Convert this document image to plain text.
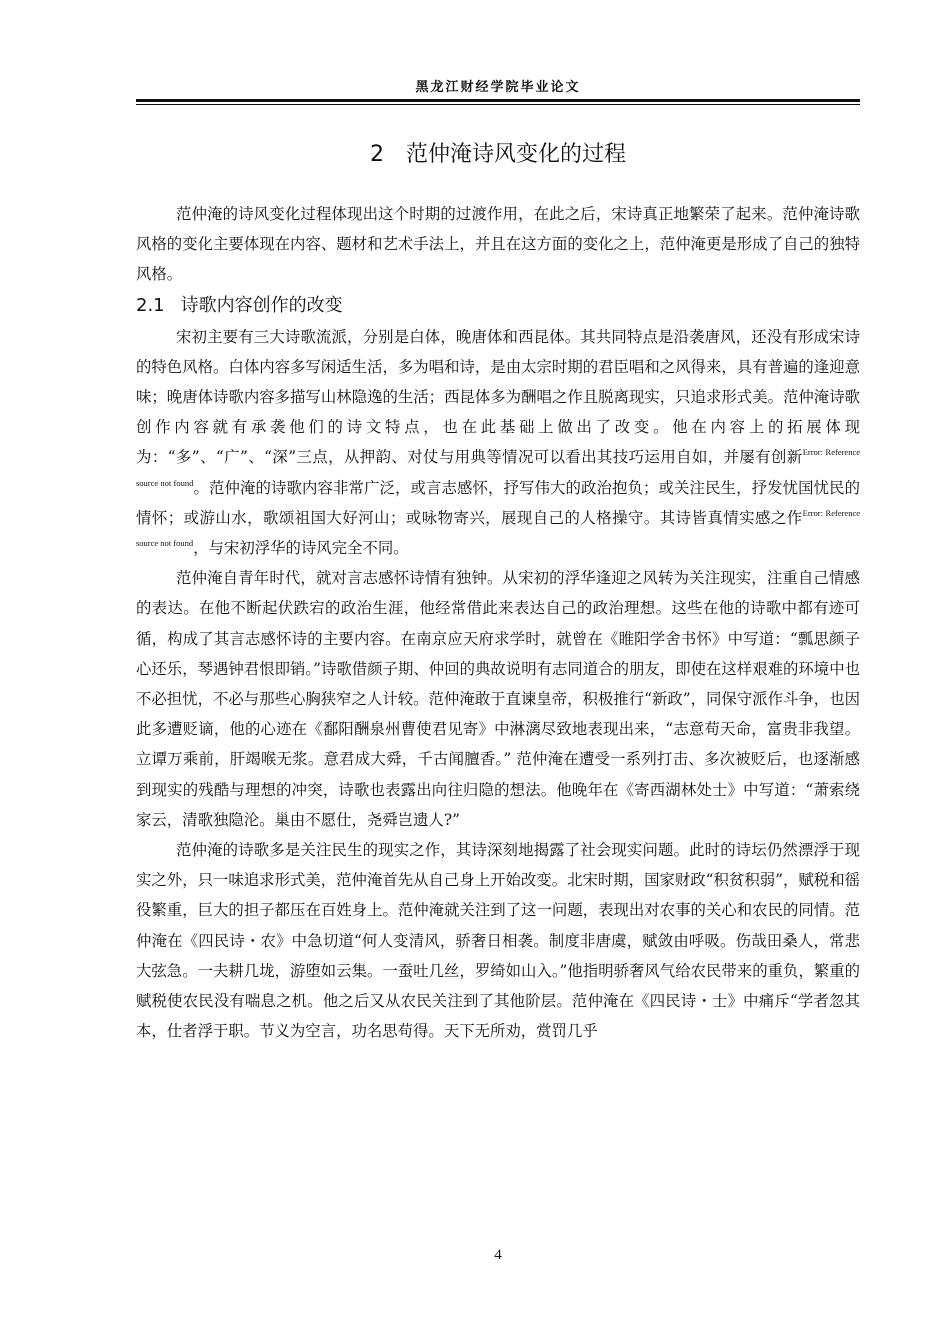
黑龙江财经学院毕业论文
2 范仲淹诗风变化的过程

范仲淹的诗风变化过程体现出这个时期的过渡作用，在此之后，宋诗真正地繁荣了起来。范仲淹诗歌风格的变化主要体现在内容、题材和艺术手法上，并且在这方面的变化之上，范仲淹更是形成了自己的独特风格。

2.1 诗歌内容创作的改变

宋初主要有三大诗歌流派，分别是白体，晚唐体和西昆体。其共同特点是沿袭唐风，还没有形成宋诗的特色风格。白体内容多写闲适生活，多为唱和诗，是由太宗时期的君臣唱和之风得来，具有普遍的逢迎意味；晚唐体诗歌内容多描写山林隐逸的生活；西昆体多为酬唱之作且脱离现实，只追求形式美。范仲淹诗歌创作内容就有承袭他们的诗文特点，也在此基础上做出了改变。他在内容上的拓展体现为：“多”、“广”、“深”三点，从押韵、对仗与用典等情况可以看出其技巧运用自如，并屡有创新$^{Error: Reference source not found}$。范仲淹的诗歌内容非常广泛，或言志感怀，抒写伟大的政治抱负；或关注民生，抒发忧国忧民的情怀；或游山水，歌颂祖国大好河山；或咏物寄兴，展现自己的人格操守。其诗皆真情实感之作$^{Error: Reference source not found}$，与宋初浮华的诗风完全不同。

范仲淹自青年时代，就对言志感怀诗情有独钟。从宋初的浮华逢迎之风转为关注现实，注重自己情感的表达。在他不断起伏跌宕的政治生涯，他经常借此来表达自己的政治理想。这些在他的诗歌中都有迹可循，构成了其言志感怀诗的主要内容。在南京应天府求学时，就曾在《睢阳学舍书怀》中写道：“瓢思颜子心还乐，琴遇钟君恨即销。”诗歌借颜子期、仲回的典故说明有志同道合的朋友，即使在这样艰难的环境中也不必担忧，不必与那些心胸狭窄之人计较。范仲淹敢于直谏皇帝，积极推行“新政”，同保守派作斗争，也因此多遭贬谪，他的心迹在《鄱阳酬泉州曹使君见寄》中淋漓尽致地表现出来，“志意苟天命，富贵非我望。立谭万乘前，肝竭喉无浆。意君成大舜，千古闻膻香。” 范仲淹在遭受一系列打击、多次被贬后，也逐渐感到现实的残酷与理想的冲突，诗歌也表露出向往归隐的想法。他晚年在《寄西湖林处士》中写道：“萧索绕家云，清歌独隐沦。巢由不愿仕，尧舜岂遗人?”

范仲淹的诗歌多是关注民生的现实之作，其诗深刻地揭露了社会现实问题。此时的诗坛仍然漂浮于现实之外，只一味追求形式美，范仲淹首先从自己身上开始改变。北宋时期，国家财政“积贫积弱”，赋税和徭役繁重，巨大的担子都压在百姓身上。范仲淹就关注到了这一问题，表现出对农事的关心和农民的同情。范仲淹在《四民诗・农》中急切道“何人变清风，骄奢日相袭。制度非唐虞，赋敛由呼吸。伤哉田桑人，常悲大弦急。一夫耕几垅，游堕如云集。一蚕吐几丝，罗绮如山入。”他指明骄奢风气给农民带来的重负，繁重的赋税使农民没有喘息之机。他之后又从农民关注到了其他阶层。范仲淹在《四民诗・士》中痛斥“学者忽其本，仕者浮于职。节义为空言，功名思苟得。天下无所劝，赏罚几乎

4
